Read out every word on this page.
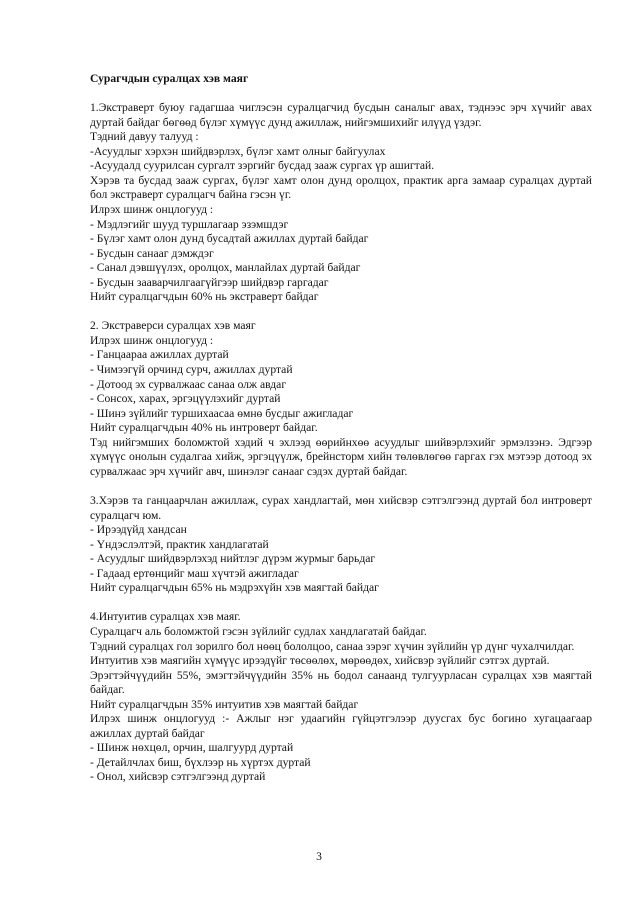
Сурагчдын суралцах хэв маяг

1.Экстраверт буюу гадагшаа чиглэсэн суралцагчид бусдын саналыг авах, тэднээс эрч хүчийг авах дуртай байдаг бөгөөд бүлэг хүмүүс дунд ажиллаж, нийгэмшихийг илүүд үздэг.

Тэдний давуу талууд :

-Асуудлыг хэрхэн шийдвэрлэх, бүлэг хамт олныг байгуулах

-Асуудалд суурилсан сургалт зэргийг бусдад зааж сургах үр ашигтай.

Хэрэв та бусдад зааж сургах, бүлэг хамт олон дунд оролцох, практик арга замаар суралцах дуртай бол экстраверт суралцагч байна гэсэн үг.

Илрэх шинж онцлогууд :

- Мэдлэгийг шууд туршлагаар эзэмшдэг

- Бүлэг хамт олон дунд бусадтай ажиллах дуртай байдаг

- Бусдын санааг дэмждэг

- Санал дэвшүүлэх, оролцох, манлайлах дуртай байдаг

- Бусдын зааварчилгаагүйгээр шийдвэр гаргадаг

Нийт суралцагчдын 60% нь экстраверт байдаг

2. Экстраверси суралцах хэв маяг

Илрэх шинж онцлогууд :

- Ганцаараа ажиллах дуртай

- Чимээгүй орчинд сурч, ажиллах дуртай

- Дотоод эх сурвалжаас санаа олж авдаг

- Сонсох, харах, эргэцүүлэхийг дуртай

- Шинэ зүйлийг туршихаасаа өмнө бусдыг ажигладаг

Нийт суралцагчдын 40% нь интроверт байдаг.

Тэд нийгэмших боломжтой хэдий ч эхлээд өөрийнхөө асуудлыг шийвэрлэхийг эрмэлзэнэ. Эдгээр хүмүүс онолын судалгаа хийж, эргэцүүлж, брейнсторм хийн төлөвлөгөө гаргах гэх мэтээр дотоод эх сурвалжаас эрч хүчийг авч, шинэлэг санааг сэдэх дуртай байдаг.

3.Хэрэв та ганцаарчлан ажиллаж, сурах хандлагтай, мөн хийсвэр сэтгэлгээнд дуртай бол интроверт суралцагч юм.

- Ирээдүйд хандсан

- Үндэслэлтэй, практик хандлагатай

- Асуудлыг шийдвэрлэхэд нийтлэг дүрэм журмыг барьдаг

- Гадаад ертөнцийг маш хүчтэй ажигладаг

Нийт суралцагчдын 65% нь мэдрэхүйн хэв маягтай байдаг

4.Интуитив суралцах хэв маяг.

Суралцагч аль боломжтой гэсэн зүйлийг судлах хандлагатай байдаг.

Тэдний суралцах гол зорилго бол нөөц бололцоо, санаа зэрэг хүчин зүйлийн үр дүнг чухалчилдаг.

Интуитив хэв маягийн хүмүүс ирээдүйг төсөөлөх, мөрөөдөх, хийсвэр зүйлийг сэтгэх дуртай.

Эрэгтэйчүүдийн 55%, эмэгтэйчүүдийн 35% нь бодол санаанд тулгуурласан суралцах хэв маягтай байдаг.

Нийт суралцагчдын 35% интуитив хэв маягтай байдаг

Илрэх шинж онцлогууд :- Ажлыг нэг удаагийн гүйцэтгэлээр дуусгах бус богино хугацаагаар ажиллах дуртай байдаг

- Шинж нөхцөл, орчин, шалгуурд дуртай

- Детайлчлах биш, бүхлээр нь хүртэх дуртай

- Онол, хийсвэр сэтгэлгээнд дуртай

3
